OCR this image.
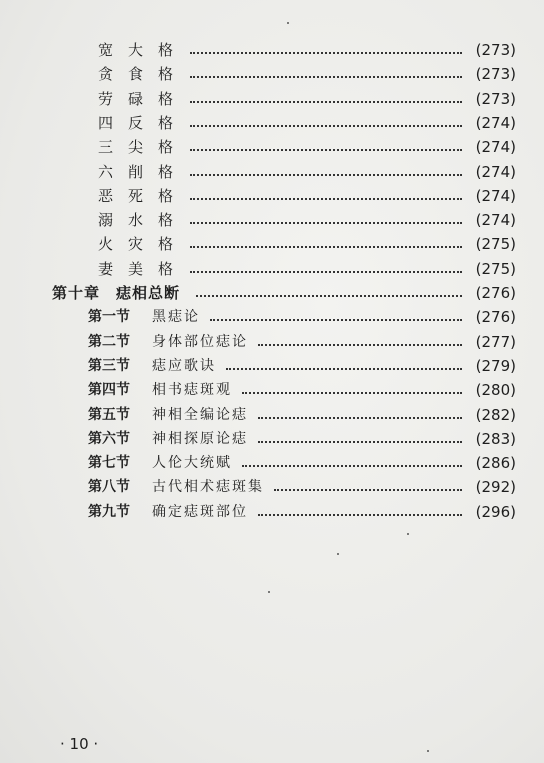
宽大格	(273)
贪食格	(273)
劳碌格	(273)
四反格	(274)
三尖格	(274)
六削格	(274)
恶死格	(274)
溺水格	(274)
火灾格	(275)
妻美格	(275)
第十章　痣相总断	(276)
第一节 黑痣论	(276)
第二节 身体部位痣论	(277)
第三节 痣应歌诀	(279)
第四节 相书痣斑观	(280)
第五节 神相全编论痣	(282)
第六节 神相探原论痣	(283)
第七节 人伦大统赋	(286)
第八节 古代相术痣斑集	(292)
第九节 确定痣斑部位	(296)
· 10 ·
